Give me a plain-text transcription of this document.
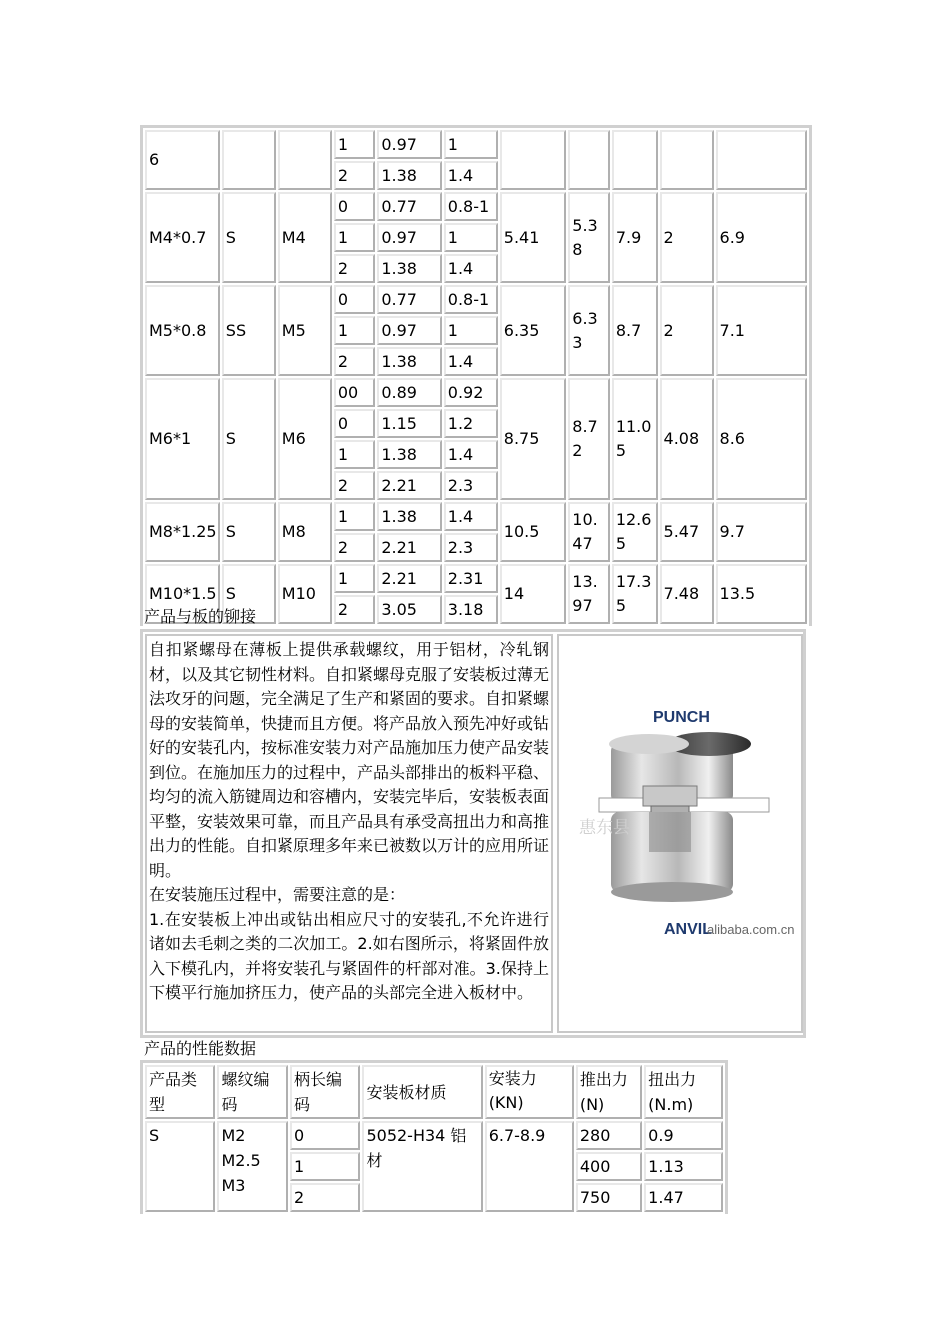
6			1	0.97	1					
			2	1.38	1.4					
M4*0.7	S	M4	0	0.77	0.8-1	5.41	5.38	7.9	2	6.9
			1	0.97	1					
			2	1.38	1.4					
M5*0.8	SS	M5	0	0.77	0.8-1	6.35	6.33	8.7	2	7.1
			1	0.97	1					
			2	1.38	1.4					
M6*1	S	M6	00	0.89	0.92	8.75	8.72	11.05	4.08	8.6
			0	1.15	1.2					
			1	1.38	1.4					
			2	2.21	2.3					
M8*1.25	S	M8	1	1.38	1.4	10.5	10.47	12.65	5.47	9.7
			2	2.21	2.3					
M10*1.5	S	M10	1	2.21	2.31	14	13.97	17.35	7.48	13.5
			2	3.05	3.18					
产品与板的铆接

自扣紧螺母在薄板上提供承载螺纹，用于铝材，冷轧钢材，以及其它韧性材料。自扣紧螺母克服了安装板过薄无法攻牙的问题，完全满足了生产和紧固的要求。自扣紧螺母的安装简单，快捷而且方便。将产品放入预先冲好或钻好的安装孔内，按标准安装力对产品施加压力使产品安装到位。在施加压力的过程中，产品头部排出的板料平稳、均匀的流入筋键周边和容槽内，安装完毕后，安装板表面平整，安装效果可靠，而且产品具有承受高扭出力和高推出力的性能。自扣紧原理多年来已被数以万计的应用所证明。

在安装施压过程中，需要注意的是：

1.在安装板上冲出或钻出相应尺寸的安装孔,不允许进行诸如去毛刺之类的二次加工。2.如右图所示，将紧固件放入下模孔内，并将安装孔与紧固件的杆部对准。3.保持上下模平行施加挤压力，使产品的头部完全进入板材中。

PUNCH
惠东县
ANVIL
alibaba.com.cn
产品的性能数据
产品类型	螺纹编码	柄长编码	安装板材质	安装力(KN)	推出力(N)	扭出力(N.m)
S	M2 M2.5 M3	0	5052-H34 铝材	6.7-8.9	280	0.9
		1			400	1.13
		2			750	1.47
